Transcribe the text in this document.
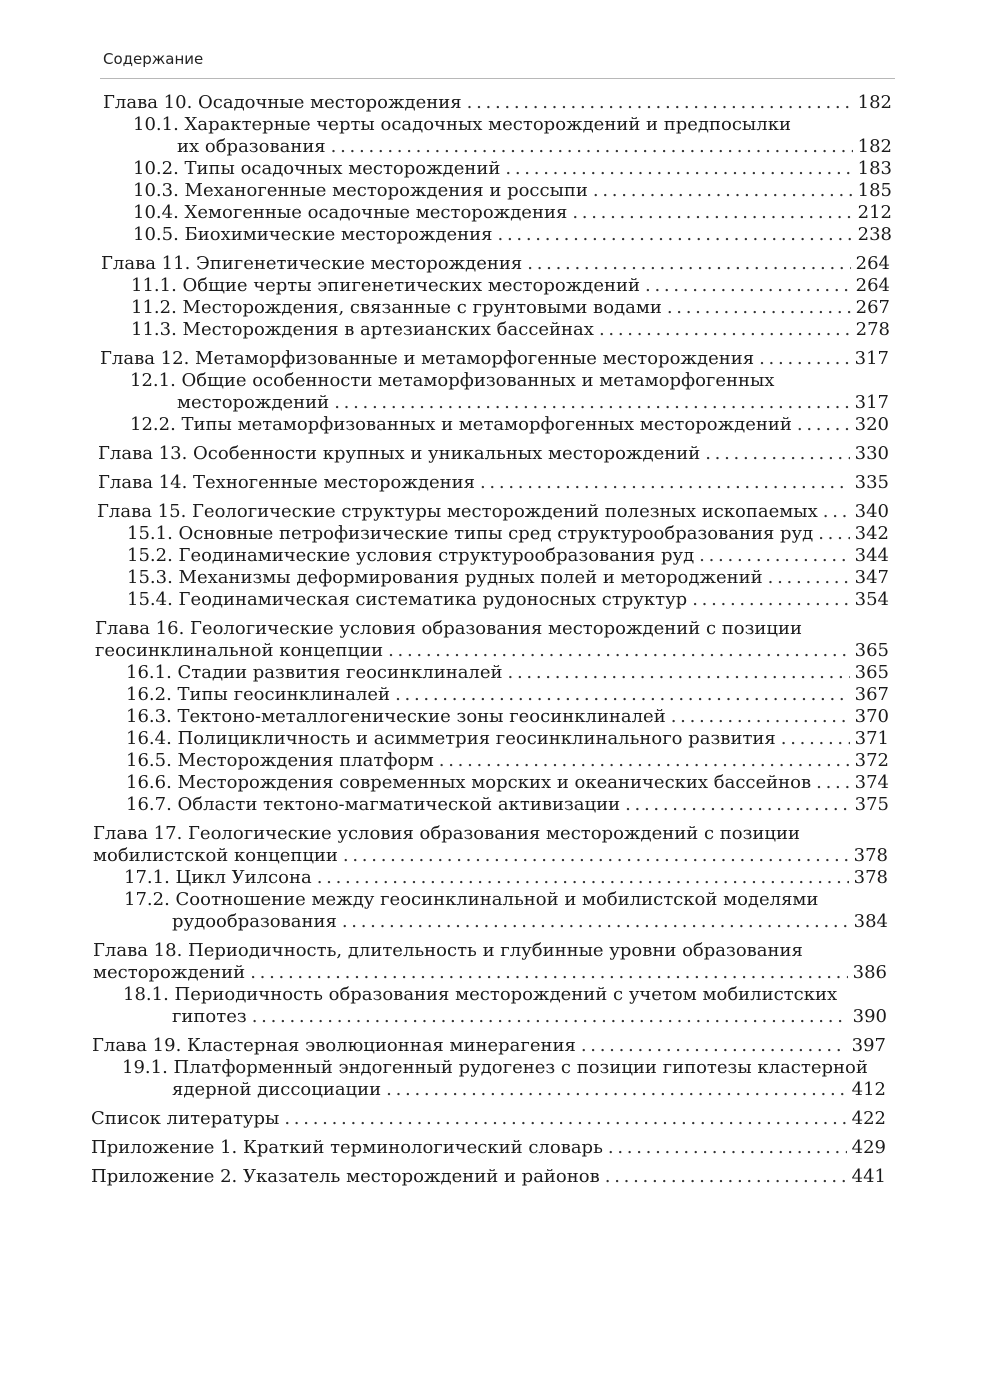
Содержание
Глава 10. Осадочные месторождения . . .	182
10.1. Характерные черты осадочных месторождений и предпосылки
их образования . . .	182
10.2. Типы осадочных месторождений . . .	183
10.3. Механогенные месторождения и россыпи . . .	185
10.4. Хемогенные осадочные месторождения . . .	212
10.5. Биохимические месторождения . . .	238
Глава 11. Эпигенетические месторождения . . .	264
11.1. Общие черты эпигенетических месторождений . . .	264
11.2. Месторождения, связанные с грунтовыми водами . . .	267
11.3. Месторождения в артезианских бассейнах . . .	278
Глава 12. Метаморфизованные и метаморфогенные месторождения . . .	317
12.1. Общие особенности метаморфизованных и метаморфогенных
месторождений . . .	317
12.2. Типы метаморфизованных и метаморфогенных месторождений . . .	320
Глава 13. Особенности крупных и уникальных месторождений . . .	330
Глава 14. Техногенные месторождения . . .	335
Глава 15. Геологические структуры месторождений полезных ископаемых . . . 340
15.1. Основные петрофизические типы сред структурообразования руд . . . 342
15.2. Геодинамические условия структурообразования руд . . .	344
15.3. Механизмы деформирования рудных полей и метороджений . . .	347
15.4. Геодинамическая систематика рудоносных структур . . .	354
Глава 16. Геологические условия образования месторождений с позиции
геосинклинальной концепции . . .	365
16.1. Стадии развития геосинклиналей . . .	365
16.2. Типы геосинклиналей . . .	367
16.3. Тектоно-металлогенические зоны геосинклиналей . . .	370
16.4. Полицикличность и асимметрия геосинклинального развития . . .	371
16.5. Месторождения платформ . . .	372
16.6. Месторождения современных морских и океанических бассейнов . . . 374
16.7. Области тектоно-магматической активизации . . .	375
Глава 17. Геологические условия образования месторождений с позиции
мобилистской концепции . . .	378
17.1. Цикл Уилсона . . .	378
17.2. Соотношение между геосинклинальной и мобилистской моделями
рудообразования . . .	384
Глава 18. Периодичность, длительность и глубинные уровни образования
месторождений . . .	386
18.1. Периодичность образования месторождений с учетом мобилистских
гипотез . . .	390
Глава 19. Кластерная эволюционная минерагения . . .	397
19.1. Платформенный эндогенный рудогенез с позиции гипотезы кластерной
ядерной диссоциации . . .	412
Список литературы . . .	422
Приложение 1. Краткий терминологический словарь . . .	429
Приложение 2. Указатель месторождений и районов . . .	441
